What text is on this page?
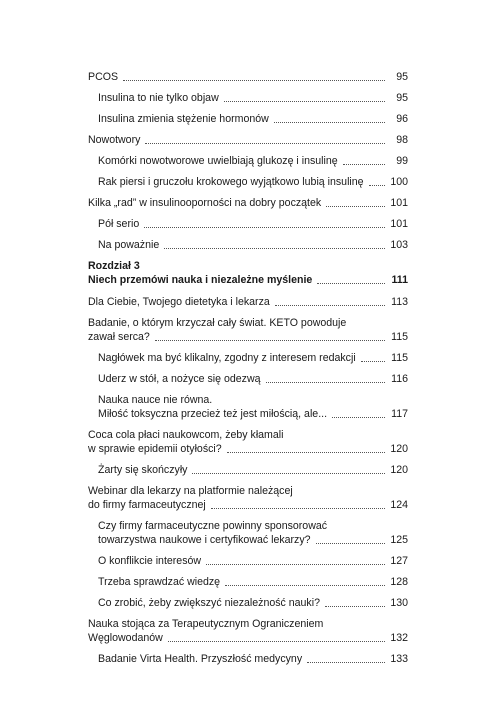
PCOS	95
Insulina to nie tylko objaw	95
Insulina zmienia stężenie hormonów	96
Nowotwory	98
Komórki nowotworowe uwielbiają glukozę i insulinę	99
Rak piersi i gruczołu krokowego wyjątkowo lubią insulinę	100
Kilka „rad” w insulinooporności na dobry początek	101
Pół serio	101
Na poważnie	103
Rozdział 3
Niech przemówi nauka i niezależne myślenie	111
Dla Ciebie, Twojego dietetyka i lekarza	113
Badanie, o którym krzyczał cały świat. KETO powoduje
zawał serca?	115
Nagłówek ma być klikalny, zgodny z interesem redakcji	115
Uderz w stół, a nożyce się odezwą	116
Nauka nauce nie równa.
Miłość toksyczna przecież też jest miłością, ale...	117
Coca cola płaci naukowcom, żeby kłamali
w sprawie epidemii otyłości?	120
Żarty się skończyły	120
Webinar dla lekarzy na platformie należącej
do firmy farmaceutycznej	124
Czy firmy farmaceutyczne powinny sponsorować
towarzystwa naukowe i certyfikować lekarzy?	125
O konflikcie interesów	127
Trzeba sprawdzać wiedzę	128
Co zrobić, żeby zwiększyć niezależność nauki?	130
Nauka stojąca za Terapeutycznym Ograniczeniem
Węglowodanów	132
Badanie Virta Health. Przyszłość medycyny	133
